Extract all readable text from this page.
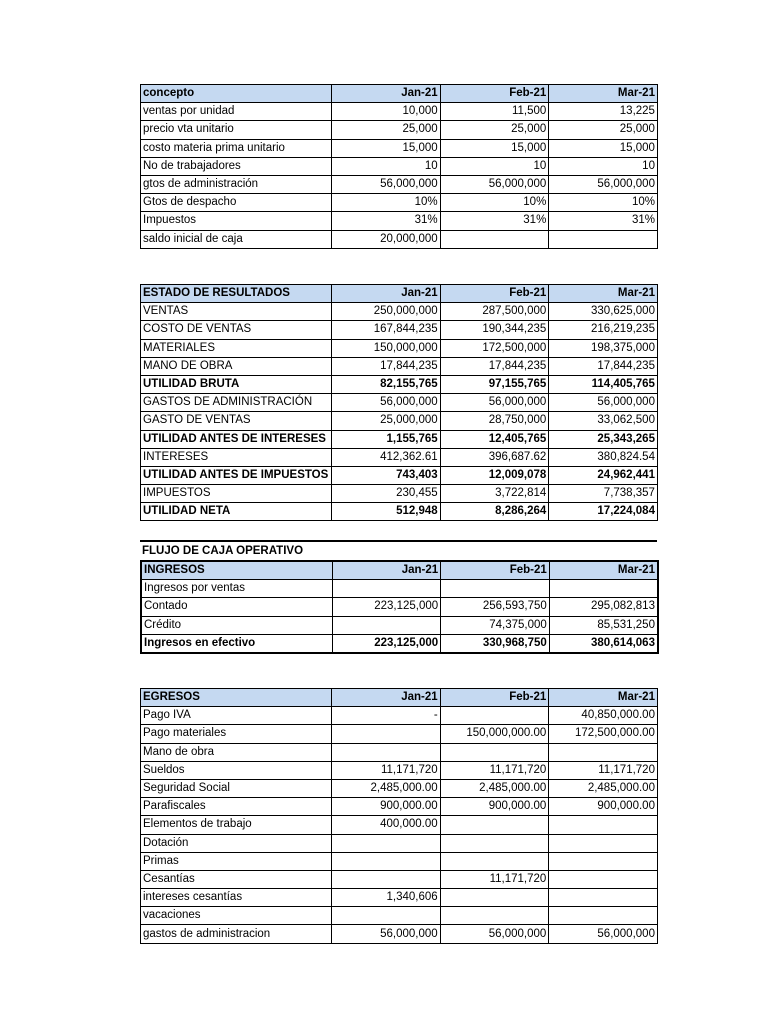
concepto	Jan-21	Feb-21	Mar-21
ventas por unidad	10,000	11,500	13,225
precio vta unitario	25,000	25,000	25,000
costo materia prima unitario	15,000	15,000	15,000
No de trabajadores	10	10	10
gtos de administración	56,000,000	56,000,000	56,000,000
Gtos de despacho	10%	10%	10%
Impuestos	31%	31%	31%
saldo inicial de caja	20,000,000		
ESTADO DE RESULTADOS	Jan-21	Feb-21	Mar-21
VENTAS	250,000,000	287,500,000	330,625,000
COSTO DE VENTAS	167,844,235	190,344,235	216,219,235
MATERIALES	150,000,000	172,500,000	198,375,000
MANO DE OBRA	17,844,235	17,844,235	17,844,235
UTILIDAD BRUTA	82,155,765	97,155,765	114,405,765
GASTOS DE ADMINISTRACIÓN	56,000,000	56,000,000	56,000,000
GASTO DE VENTAS	25,000,000	28,750,000	33,062,500
UTILIDAD ANTES DE INTERESES	1,155,765	12,405,765	25,343,265
INTERESES	412,362.61	396,687.62	380,824.54
UTILIDAD ANTES DE IMPUESTOS	743,403	12,009,078	24,962,441
IMPUESTOS	230,455	3,722,814	7,738,357
UTILIDAD NETA	512,948	8,286,264	17,224,084
FLUJO DE CAJA OPERATIVO
INGRESOS	Jan-21	Feb-21	Mar-21
Ingresos por ventas			
Contado	223,125,000	256,593,750	295,082,813
Crédito		74,375,000	85,531,250
Ingresos en efectivo	223,125,000	330,968,750	380,614,063
EGRESOS	Jan-21	Feb-21	Mar-21
Pago IVA	-		40,850,000.00
Pago materiales		150,000,000.00	172,500,000.00
Mano de obra			
Sueldos	11,171,720	11,171,720	11,171,720
Seguridad Social	2,485,000.00	2,485,000.00	2,485,000.00
Parafiscales	900,000.00	900,000.00	900,000.00
Elementos de trabajo	400,000.00		
Dotación			
Primas			
Cesantías		11,171,720	
intereses cesantías	1,340,606		
vacaciones			
gastos de administracion	56,000,000	56,000,000	56,000,000
